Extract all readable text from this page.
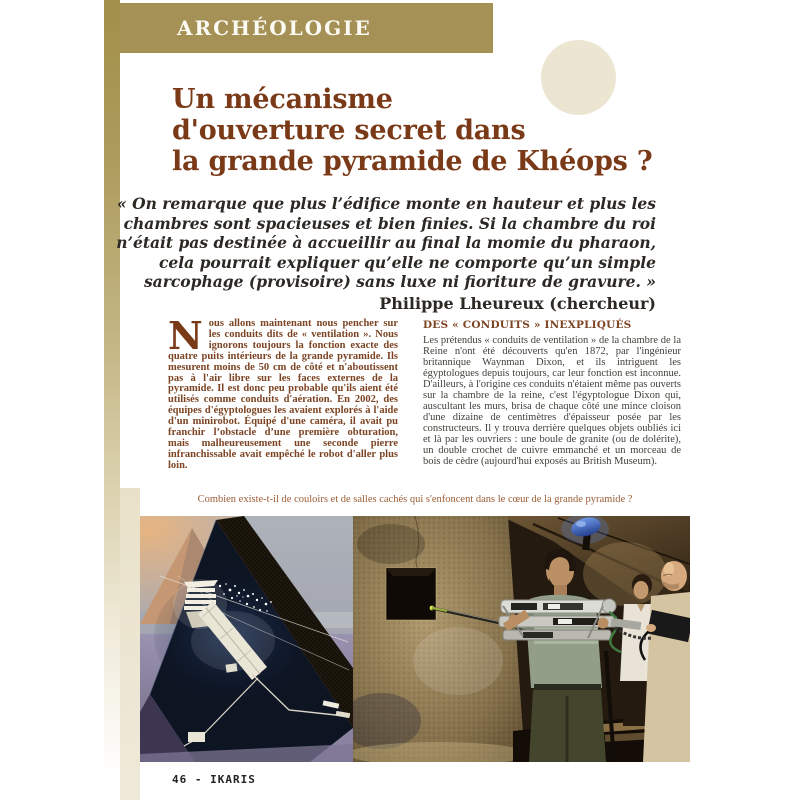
ARCHÉOLOGIE
Un mécanisme
d'ouverture secret dans
la grande pyramide de Khéops ?
« On remarque que plus l’édifice monte en hauteur et plus les
chambres sont spacieuses et bien finies. Si la chambre du roi
n’était pas destinée à accueillir au final la momie du pharaon,
cela pourrait expliquer qu’elle ne comporte qu’un simple
sarcophage (provisoire) sans luxe ni fioriture de gravure. »
Philippe Lheureux (chercheur)

Nous allons maintenant nous pencher sur les conduits dits de « ventilation ». Nous ignorons toujours la fonction exacte des quatre puits intérieurs de la grande pyramide. Ils mesurent moins de 50 cm de côté et n'aboutissent pas à l'air libre sur les faces externes de la pyramide. Il est donc peu probable qu'ils aient été utilisés comme conduits d'aération. En 2002, des équipes d'égyptologues les avaient explorés à l'aide d'un minirobot. Équipé d'une caméra, il avait pu franchir l’obstacle d’une première obturation, mais malheureusement une seconde pierre infranchissable avait empêché le robot d'aller plus loin.

DES « CONDUITS » INEXPLIQUÉS

Les prétendus « conduits de ventilation » de la chambre de la Reine n'ont été découverts qu'en 1872, par l'ingénieur britannique Waynman Dixon, et ils intriguent les égyptologues depuis toujours, car leur fonction est inconnue. D'ailleurs, à l'origine ces conduits n'étaient même pas ouverts sur la chambre de la reine, c'est l'égyptologue Dixon qui, auscultant les murs, brisa de chaque côté une mince cloison d'une dizaine de centimètres d'épaisseur posée par les constructeurs. Il y trouva derrière quelques objets oubliés ici et là par les ouvriers : une boule de granite (ou de dolérite), un double crochet de cuivre emmanché et un morceau de bois de cèdre (aujourd'hui exposés au British Museum).

Combien existe-t-il de couloirs et de salles cachés qui s'enfoncent dans le cœur de la grande pyramide ?
46 - IKARIS
